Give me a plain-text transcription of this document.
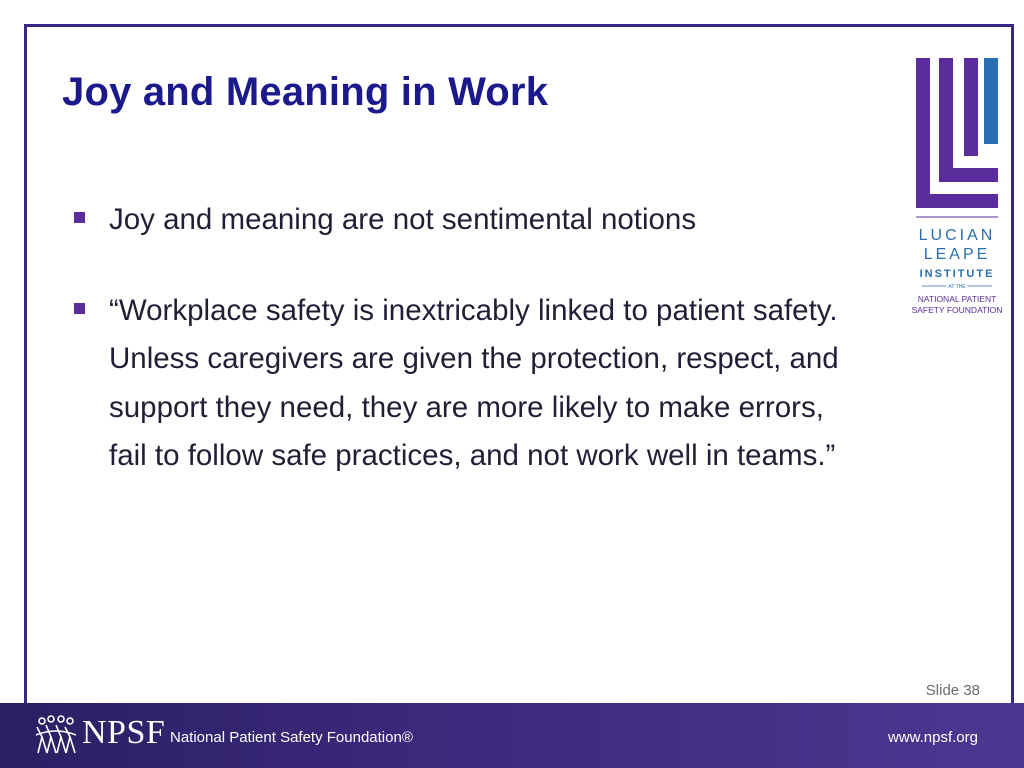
Joy and Meaning in Work
Joy and meaning are not sentimental notions
“Workplace safety is inextricably linked to patient safety. Unless caregivers are given the protection, respect, and support they need, they are more likely to make errors, fail to follow safe practices, and not work well in teams.”
LUCIAN
LEAPE
INSTITUTE
AT THE
NATIONAL PATIENT
SAFETY FOUNDATION
Slide 38
NPSF National Patient Safety Foundation®	www.npsf.org
